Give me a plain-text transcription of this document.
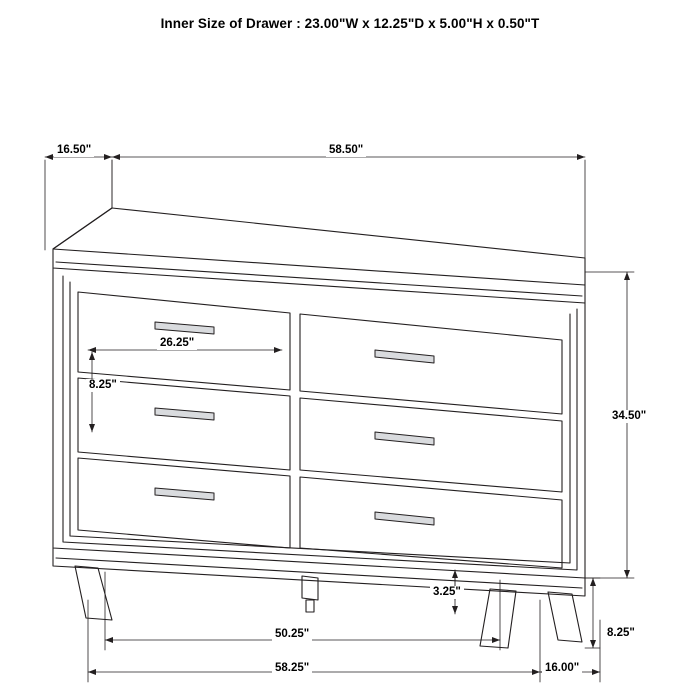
Inner Size of Drawer : 23.00"W x 12.25"D x 5.00"H x 0.50"T
16.50"	58.50"
26.25"
8.25"
34.50"
3.25"
50.25"
58.25"	16.00"
8.25"
